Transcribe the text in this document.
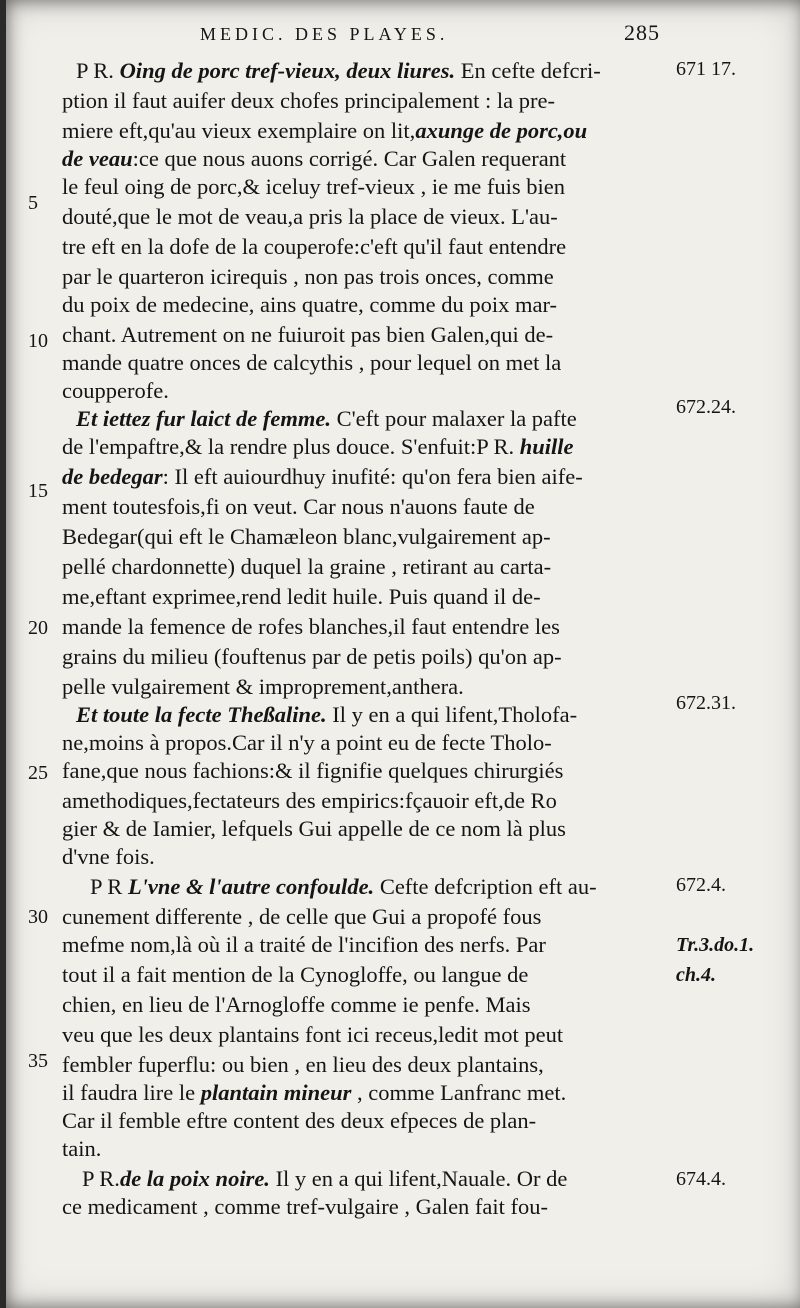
MEDIC. DES PLAYES.	285
P R. Oing de porc tref-vieux, deux liures. En cefte defcri-
ption il faut auifer deux chofes principalement : la pre-
miere eft,qu'au vieux exemplaire on lit,axunge de porc,ou
de veau:ce que nous auons corrigé. Car Galen requerant
le feul oing de porc,& iceluy tref-vieux , ie me fuis bien
douté,que le mot de veau,a pris la place de vieux. L'au-
tre eft en la dofe de la couperofe:c'eft qu'il faut entendre
par le quarteron icirequis , non pas trois onces, comme
du poix de medecine, ains quatre, comme du poix mar-
chant. Autrement on ne fuiuroit pas bien Galen,qui de-
mande quatre onces de calcythis , pour lequel on met la
coupperofe.
Et iettez fur laict de femme. C'eft pour malaxer la pafte
de l'empaftre,& la rendre plus douce. S'enfuit:P R. huille
de bedegar: Il eft auiourdhuy inufité: qu'on fera bien aife-
ment toutesfois,fi on veut. Car nous n'auons faute de
Bedegar(qui eft le Chamæleon blanc,vulgairement ap-
pellé chardonnette) duquel la graine , retirant au carta-
me,eftant exprimee,rend ledit huile. Puis quand il de-
mande la femence de rofes blanches,il faut entendre les
grains du milieu (fouftenus par de petis poils) qu'on ap-
pelle vulgairement & improprement,anthera.
Et toute la fecte Theßaline. Il y en a qui lifent,Tholofa-
ne,moins à propos.Car il n'y a point eu de fecte Tholo-
fane,que nous fachions:& il fignifie quelques chirurgiés
amethodiques,fectateurs des empirics:fçauoir eft,de Ro
gier & de Iamier, lefquels Gui appelle de ce nom là plus
d'vne fois.
P R L'vne & l'autre confoulde. Cefte defcription eft au-
cunement differente , de celle que Gui a propofé fous
mefme nom,là où il a traité de l'incifion des nerfs. Par
tout il a fait mention de la Cynogloffe, ou langue de
chien, en lieu de l'Arnogloffe comme ie penfe. Mais
veu que les deux plantains font ici receus,ledit mot peut
fembler fuperflu: ou bien , en lieu des deux plantains,
il faudra lire le plantain mineur , comme Lanfranc met.
Car il femble eftre content des deux efpeces de plan-
tain.
P R.de la poix noire. Il y en a qui lifent,Nauale. Or de
ce medicament , comme tref-vulgaire , Galen fait fou-
5
10
15
20
25
30
35
671 17.
672.24.
672.31.
672.4.
Tr.3.do.1.
ch.4.
674.4.
